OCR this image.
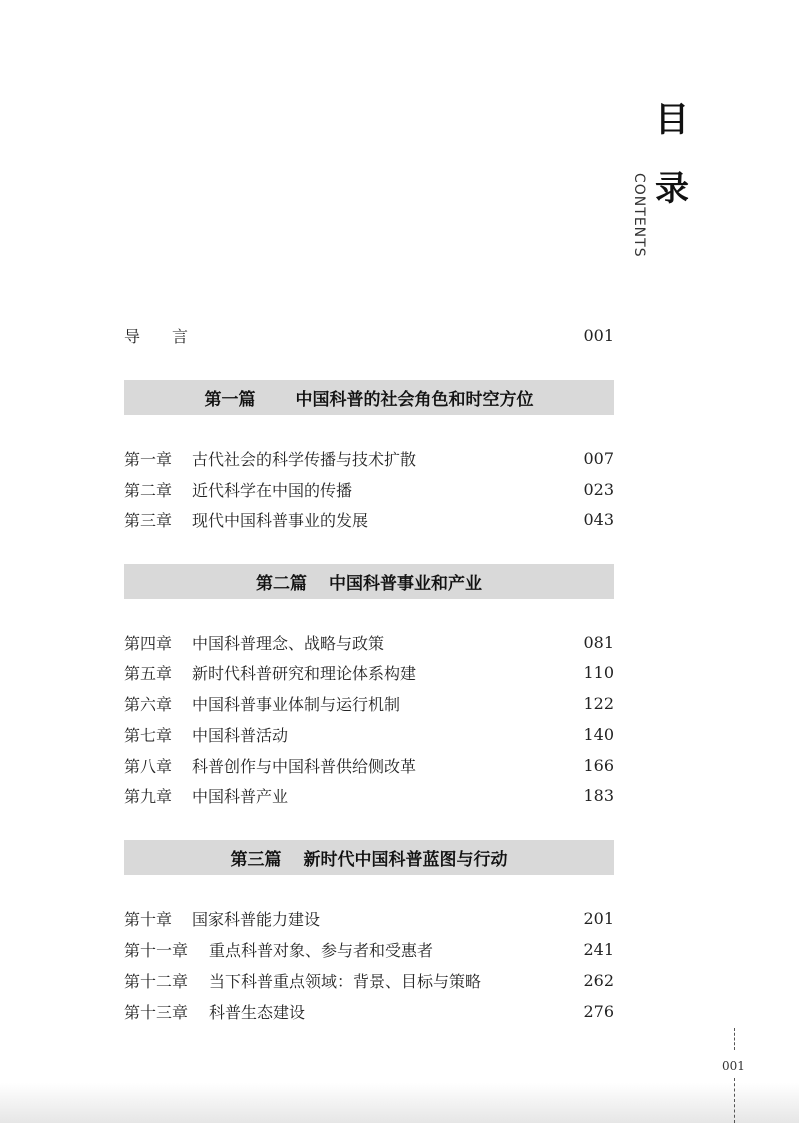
目
录
CONTENTS
导　　言	001
第一篇 中国科普的社会角色和时空方位
第一章	古代社会的科学传播与技术扩散	007
第二章	近代科学在中国的传播	023
第三章	现代中国科普事业的发展	043
第二篇 中国科普事业和产业
第四章	中国科普理念、战略与政策	081
第五章	新时代科普研究和理论体系构建	110
第六章	中国科普事业体制与运行机制	122
第七章	中国科普活动	140
第八章	科普创作与中国科普供给侧改革	166
第九章	中国科普产业	183
第三篇 新时代中国科普蓝图与行动
第十章	国家科普能力建设	201
第十一章	重点科普对象、参与者和受惠者	241
第十二章	当下科普重点领域：背景、目标与策略	262
第十三章	科普生态建设	276
001
